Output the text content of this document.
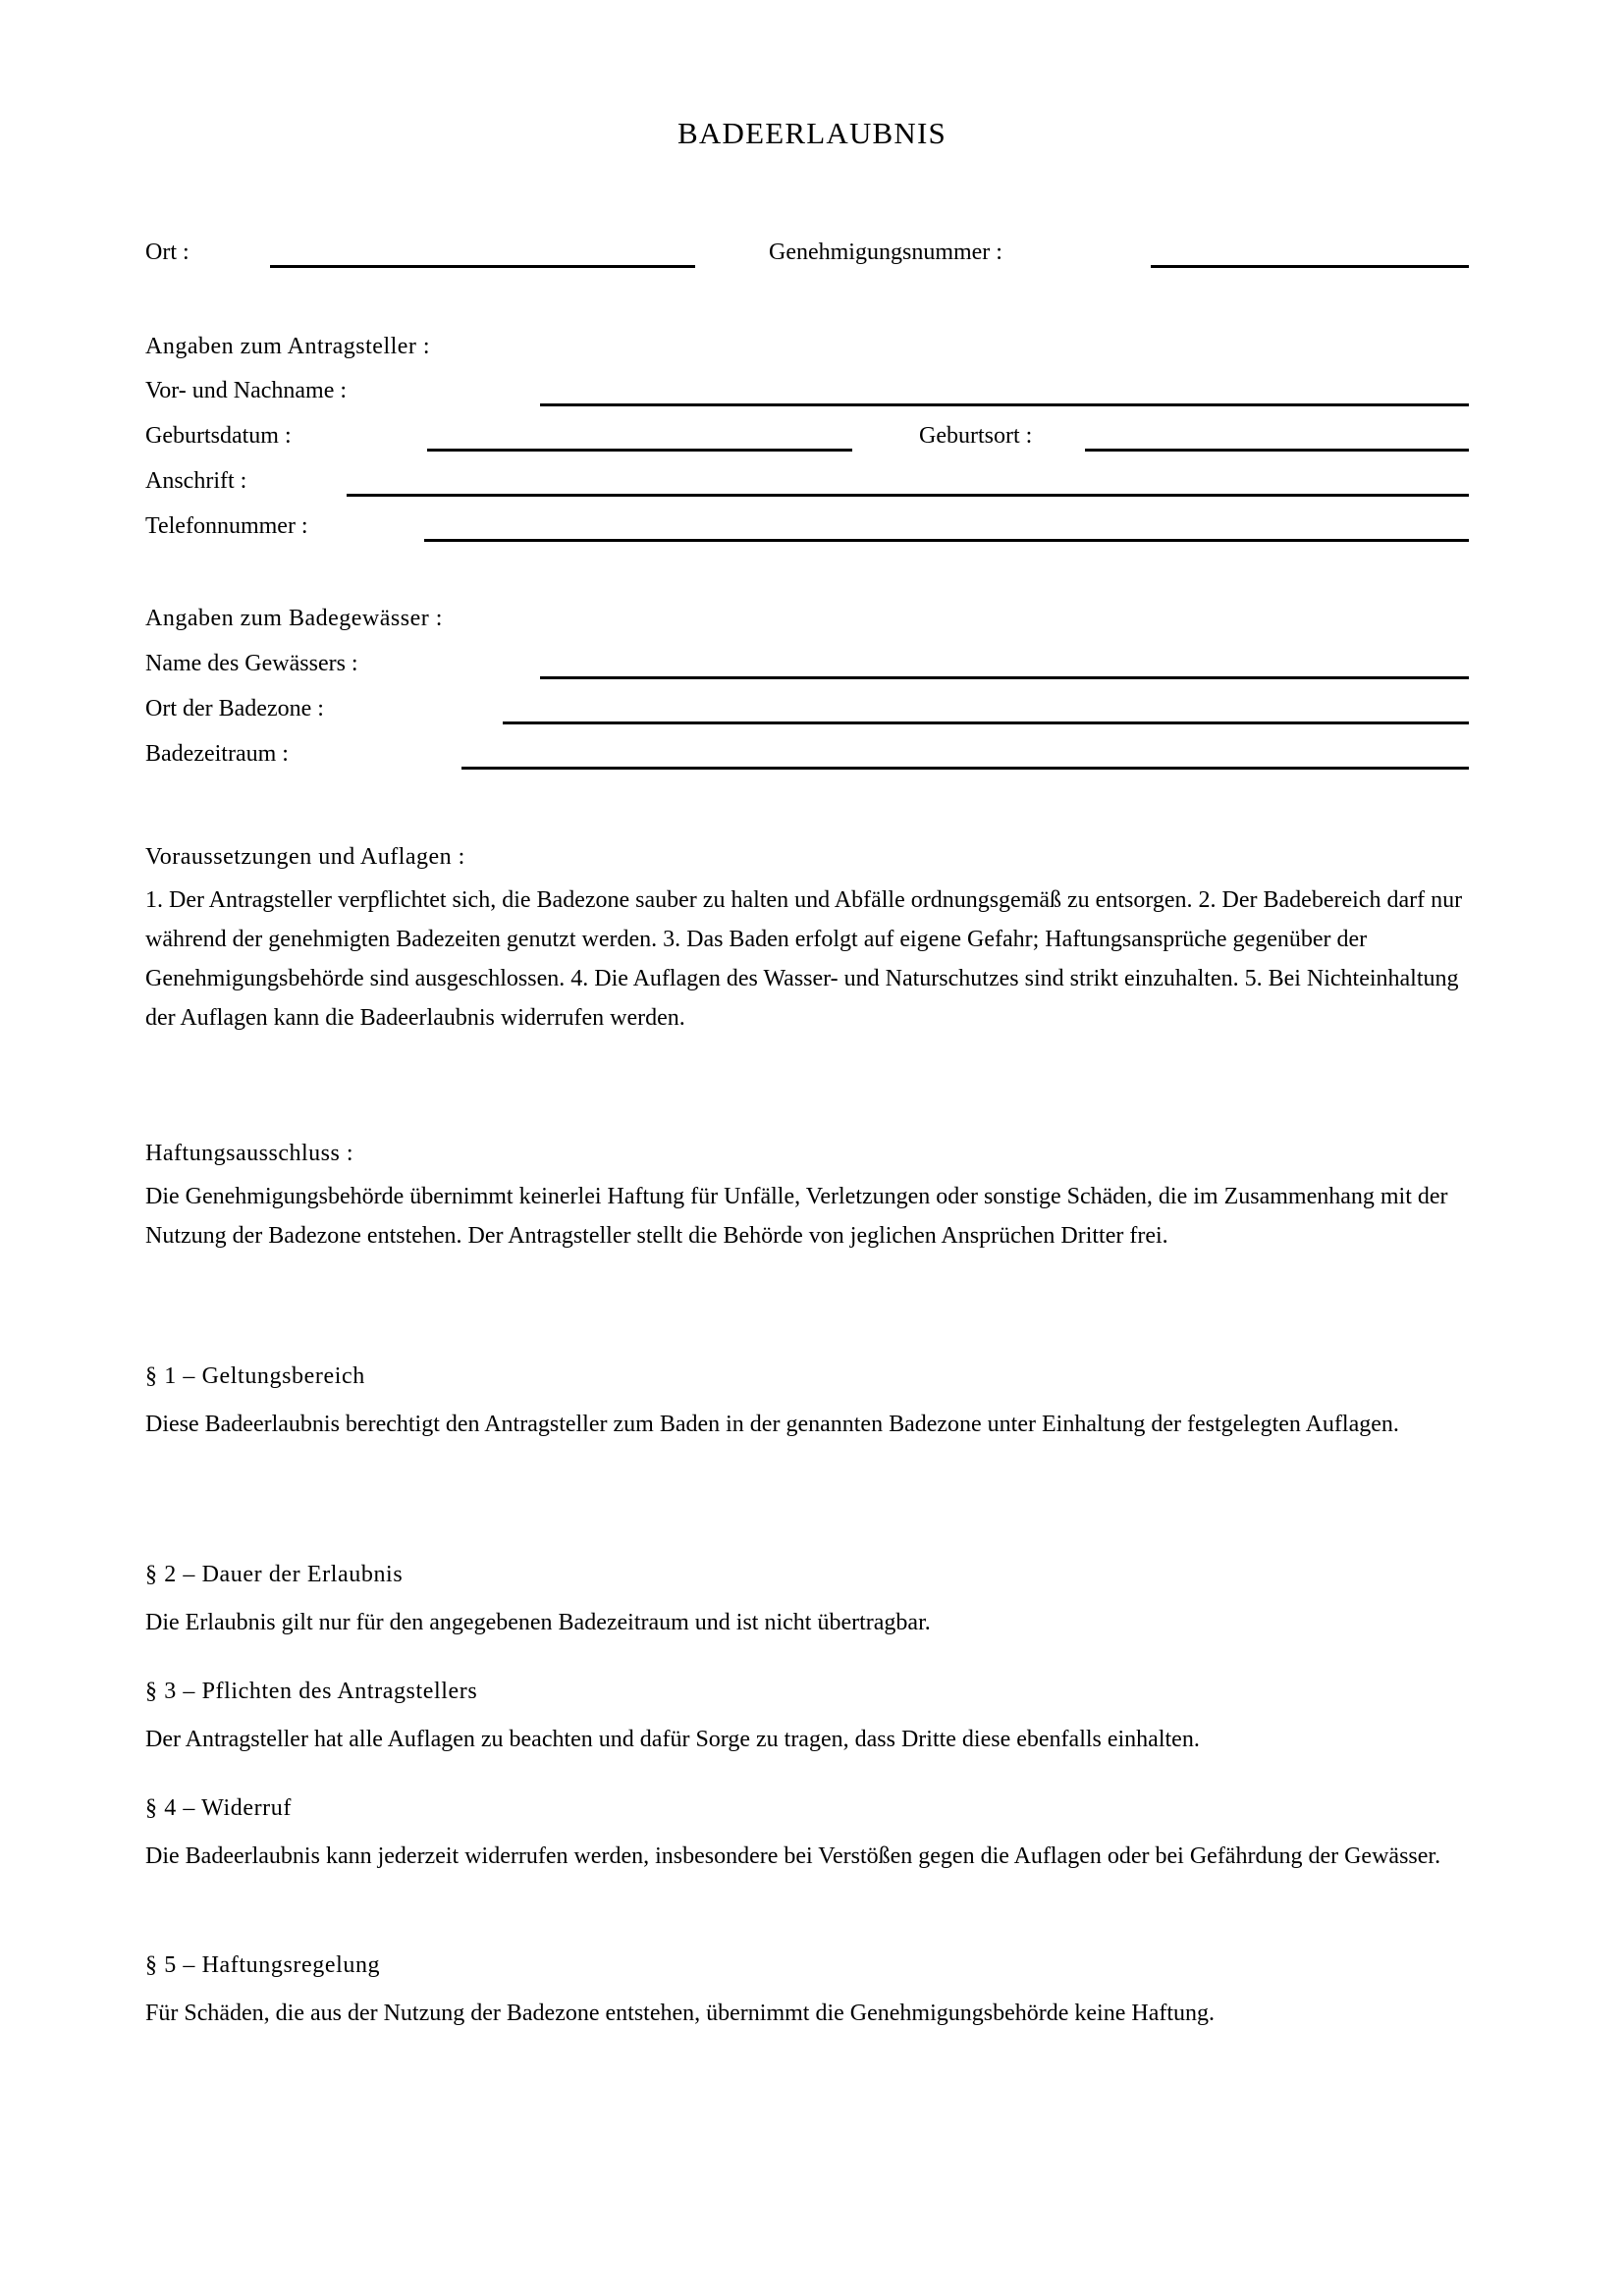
BADEERLAUBNIS
Ort :	Genehmigungsnummer :
Angaben zum Antragsteller :
Vor- und Nachname :
Geburtsdatum :	Geburtsort :
Anschrift :
Telefonnummer :
Angaben zum Badegewässer :
Name des Gewässers :
Ort der Badezone :
Badezeitraum :
Voraussetzungen und Auflagen :
1. Der Antragsteller verpflichtet sich, die Badezone sauber zu halten und Abfälle ordnungsgemäß zu entsorgen. 2. Der Badebereich darf nur während der genehmigten Badezeiten genutzt werden. 3. Das Baden erfolgt auf eigene Gefahr; Haftungsansprüche gegenüber der Genehmigungsbehörde sind ausgeschlossen. 4. Die Auflagen des Wasser- und Naturschutzes sind strikt einzuhalten. 5. Bei Nichteinhaltung der Auflagen kann die Badeerlaubnis widerrufen werden.
Haftungsausschluss :
Die Genehmigungsbehörde übernimmt keinerlei Haftung für Unfälle, Verletzungen oder sonstige Schäden, die im Zusammenhang mit der Nutzung der Badezone entstehen. Der Antragsteller stellt die Behörde von jeglichen Ansprüchen Dritter frei.
§ 1 – Geltungsbereich
Diese Badeerlaubnis berechtigt den Antragsteller zum Baden in der genannten Badezone unter Einhaltung der festgelegten Auflagen.
§ 2 – Dauer der Erlaubnis
Die Erlaubnis gilt nur für den angegebenen Badezeitraum und ist nicht übertragbar.
§ 3 – Pflichten des Antragstellers
Der Antragsteller hat alle Auflagen zu beachten und dafür Sorge zu tragen, dass Dritte diese ebenfalls einhalten.
§ 4 – Widerruf
Die Badeerlaubnis kann jederzeit widerrufen werden, insbesondere bei Verstößen gegen die Auflagen oder bei Gefährdung der Gewässer.
§ 5 – Haftungsregelung
Für Schäden, die aus der Nutzung der Badezone entstehen, übernimmt die Genehmigungsbehörde keine Haftung.
